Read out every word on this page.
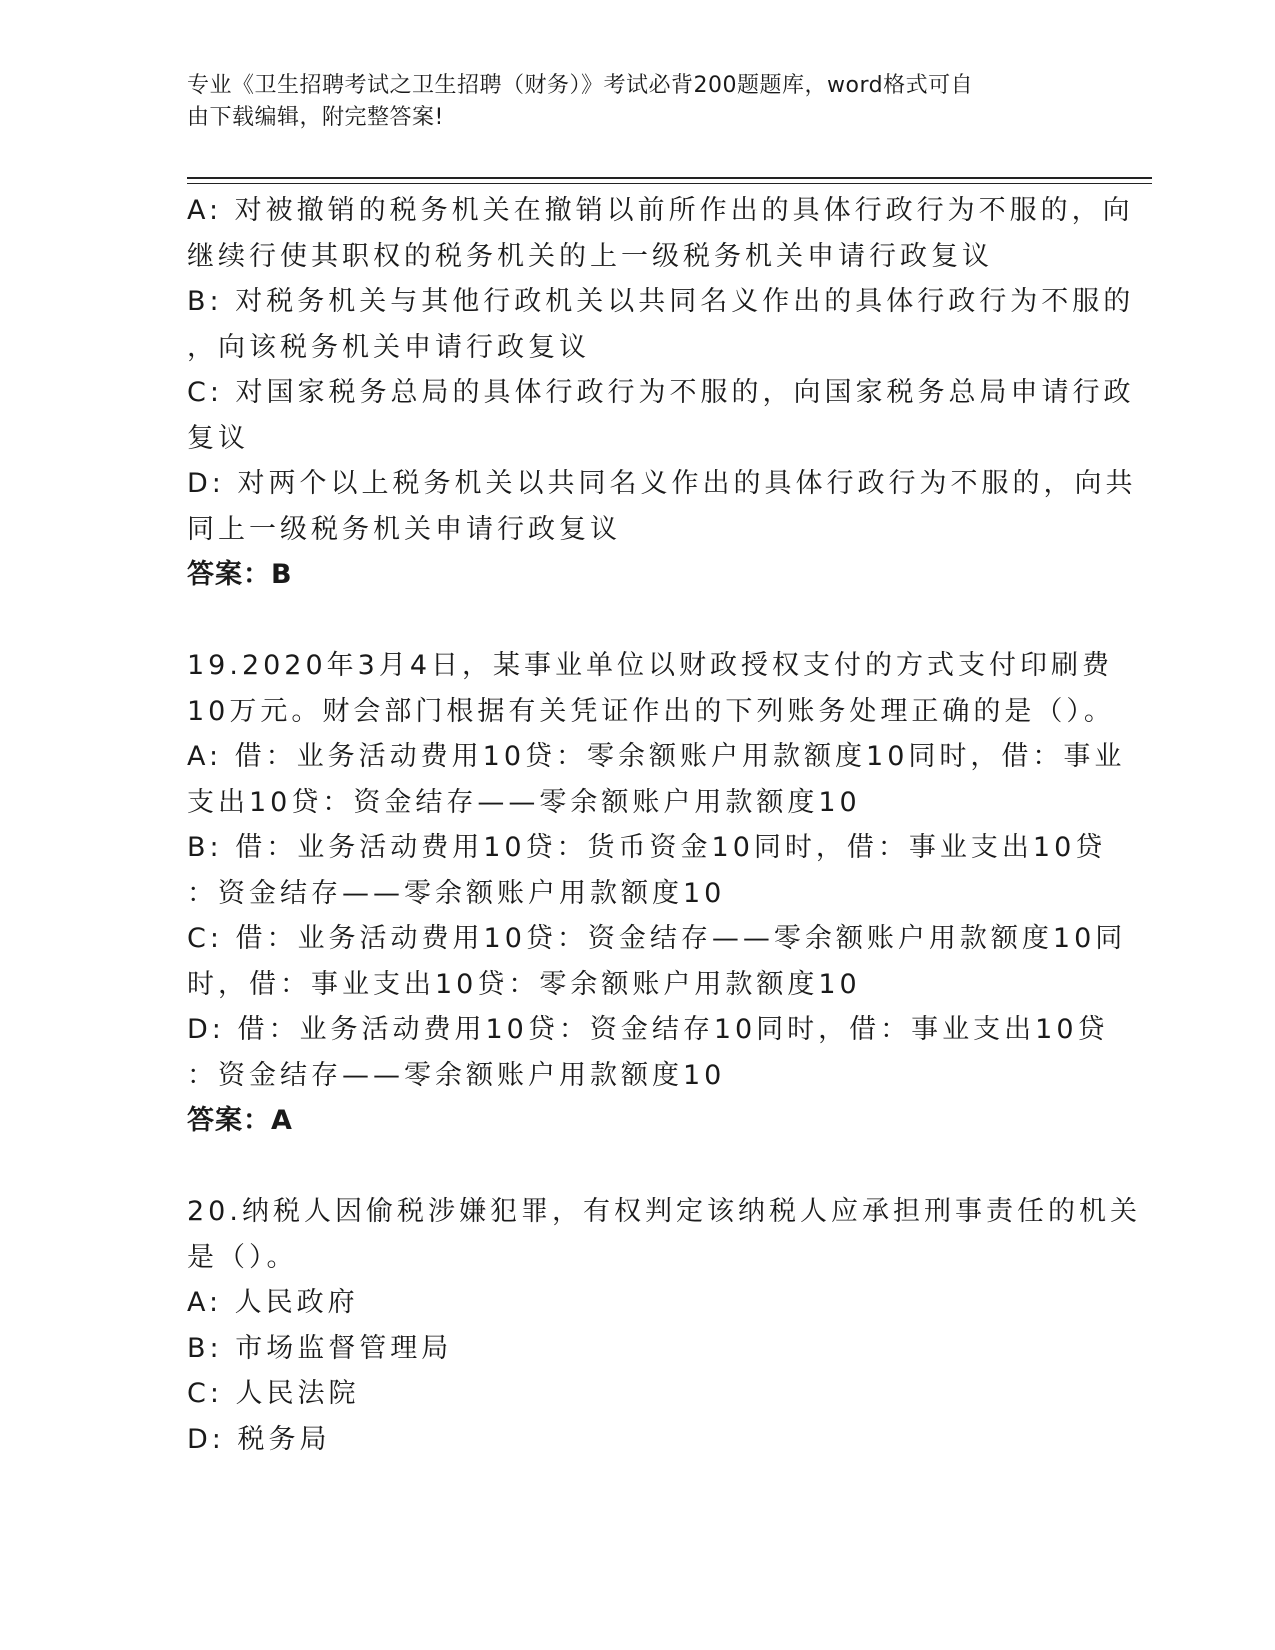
专业《卫生招聘考试之卫生招聘（财务）》考试必背200题题库，word格式可自
由下载编辑，附完整答案!
A: 对被撤销的税务机关在撤销以前所作出的具体行政行为不服的，向
继续行使其职权的税务机关的上一级税务机关申请行政复议
B: 对税务机关与其他行政机关以共同名义作出的具体行政行为不服的
，向该税务机关申请行政复议
C: 对国家税务总局的具体行政行为不服的，向国家税务总局申请行政
复议
D: 对两个以上税务机关以共同名义作出的具体行政行为不服的，向共
同上一级税务机关申请行政复议
答案：B
19.2020年3月4日，某事业单位以财政授权支付的方式支付印刷费
10万元。财会部门根据有关凭证作出的下列账务处理正确的是（）。
A: 借：业务活动费用10贷：零余额账户用款额度10同时，借：事业
支出10贷：资金结存——零余额账户用款额度10
B: 借：业务活动费用10贷：货币资金10同时，借：事业支出10贷
：资金结存——零余额账户用款额度10
C: 借：业务活动费用10贷：资金结存——零余额账户用款额度10同
时，借：事业支出10贷：零余额账户用款额度10
D: 借：业务活动费用10贷：资金结存10同时，借：事业支出10贷
：资金结存——零余额账户用款额度10
答案：A
20.纳税人因偷税涉嫌犯罪，有权判定该纳税人应承担刑事责任的机关
是（）。
A: 人民政府
B: 市场监督管理局
C: 人民法院
D: 税务局
